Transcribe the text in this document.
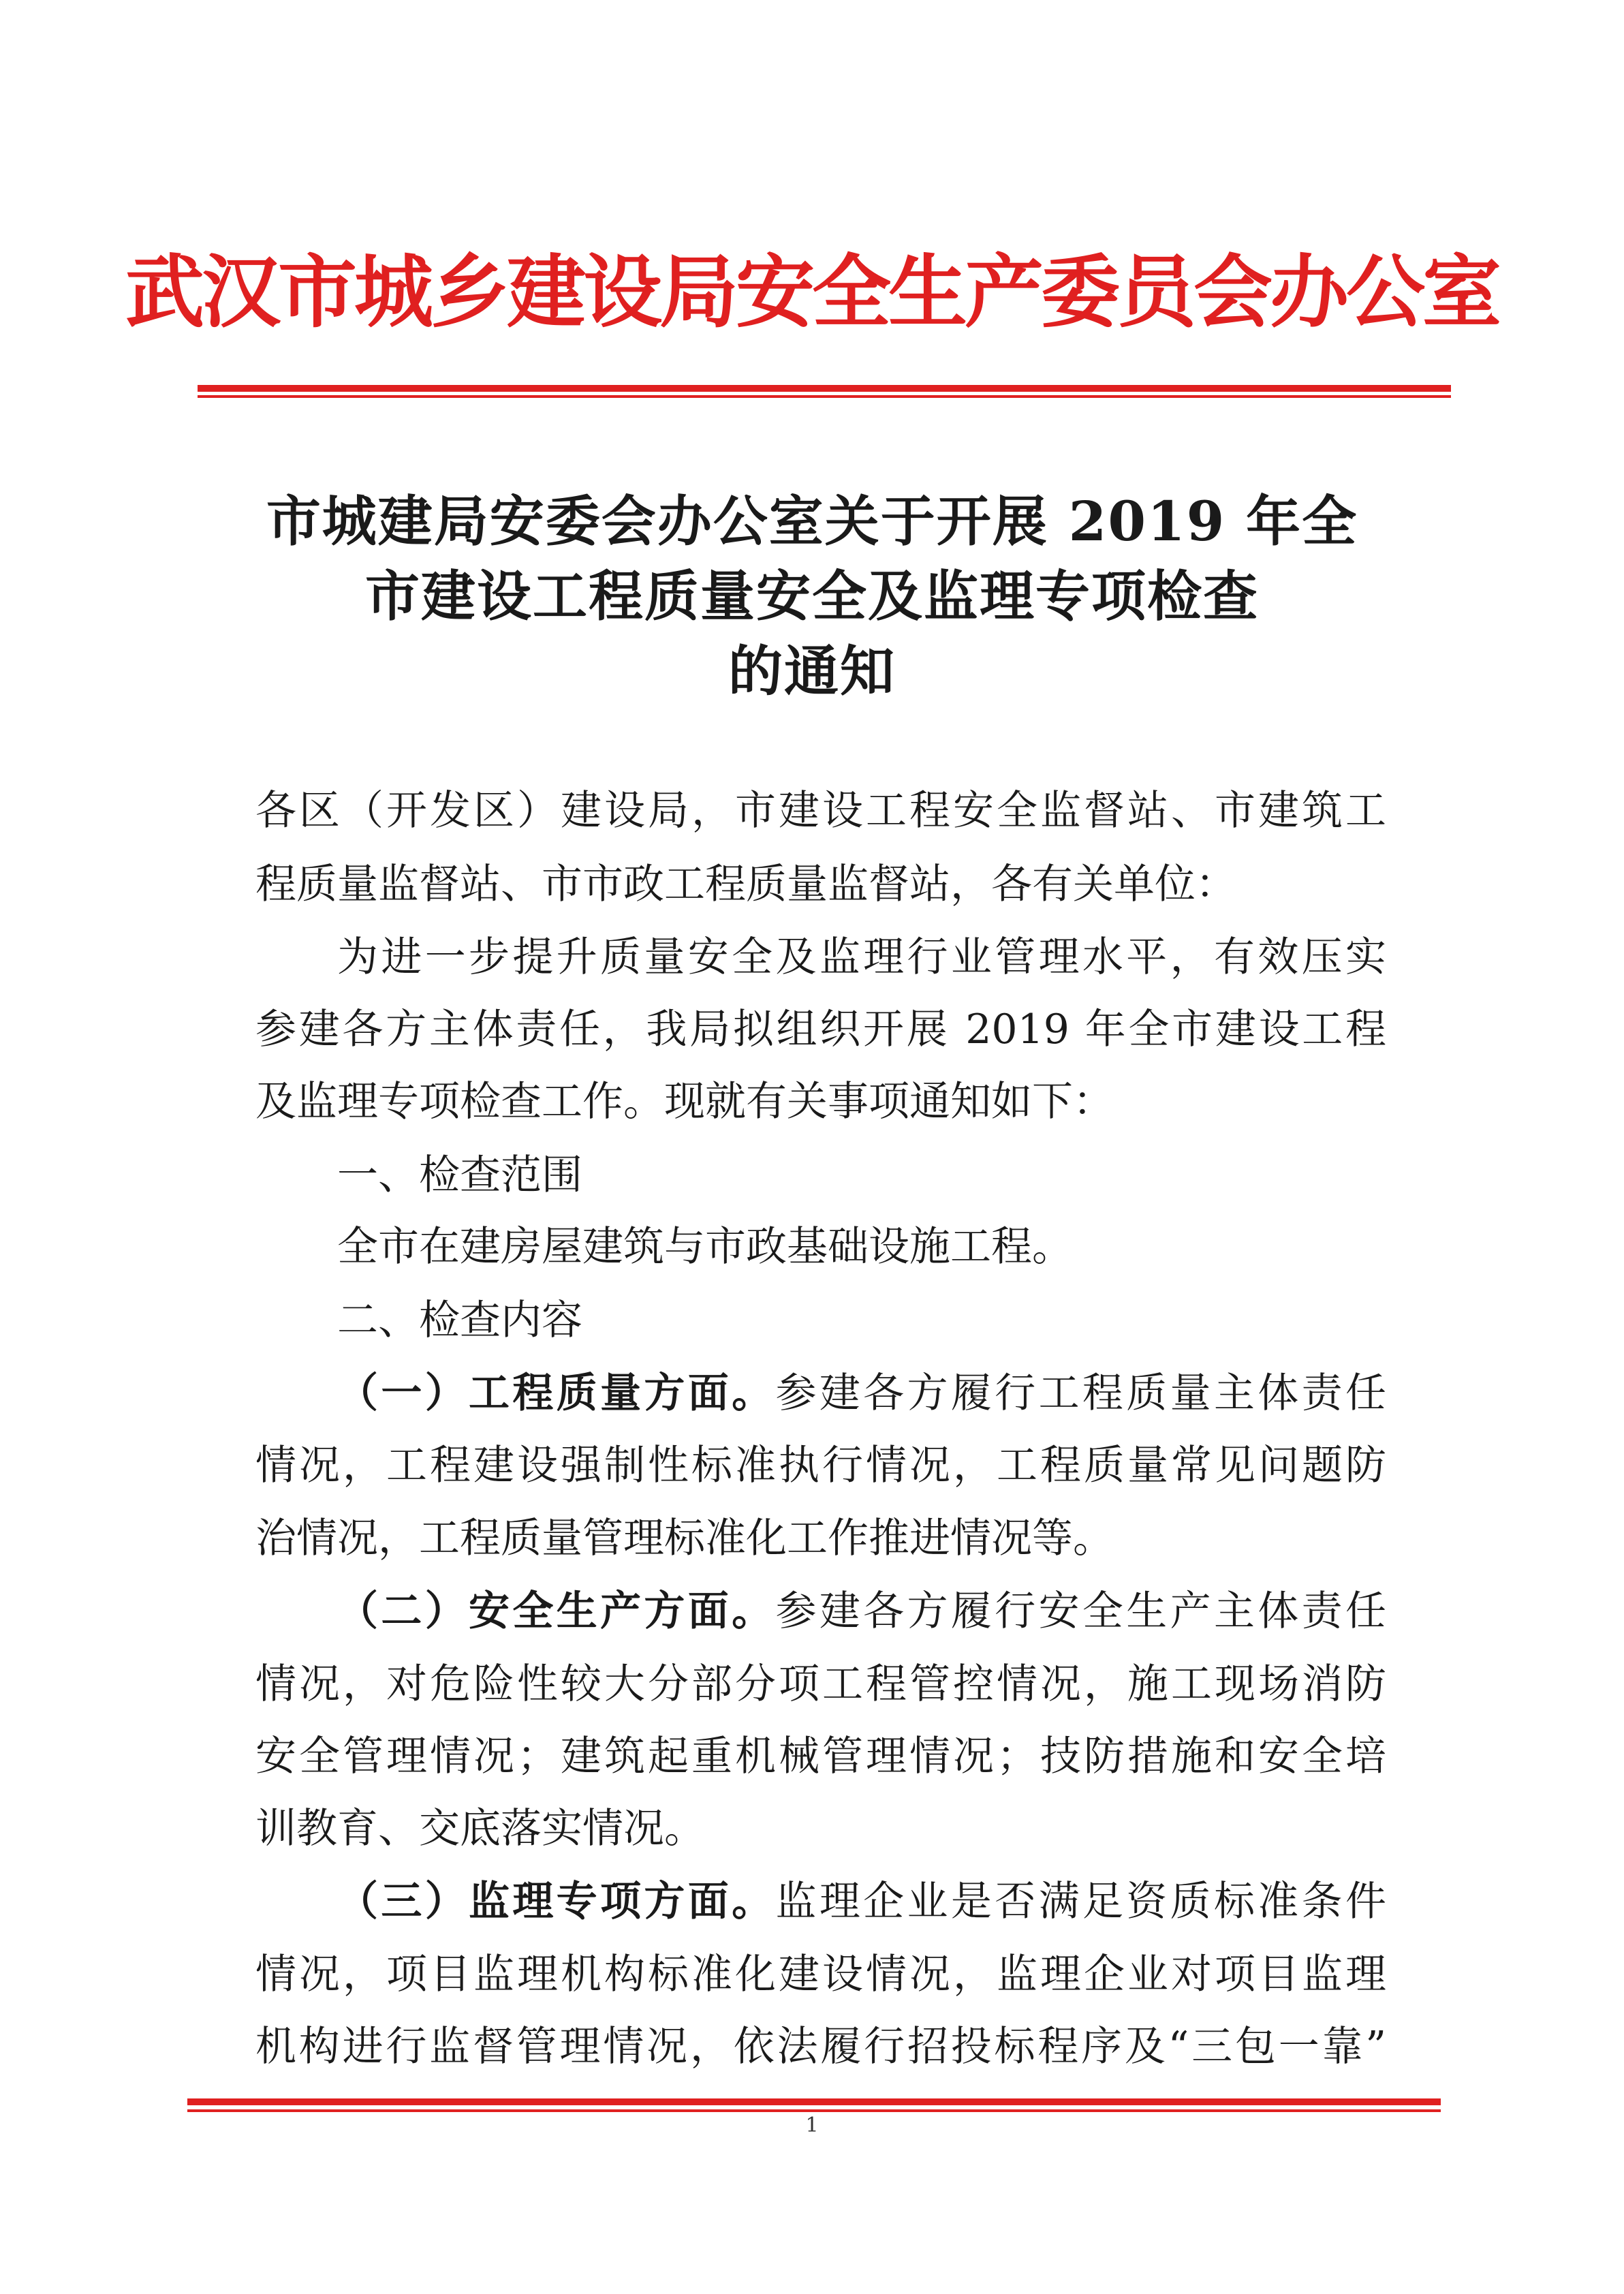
武汉市城乡建设局安全生产委员会办公室
市城建局安委会办公室关于开展 2019 年全
市建设工程质量安全及监理专项检查
的通知
各区（开发区）建设局，市建设工程安全监督站、市建筑工
程质量监督站、市市政工程质量监督站，各有关单位：
为进一步提升质量安全及监理行业管理水平，有效压实
参建各方主体责任，我局拟组织开展 2019 年全市建设工程
及监理专项检查工作。现就有关事项通知如下：
一、检查范围
全市在建房屋建筑与市政基础设施工程。
二、检查内容
（一）工程质量方面。参建各方履行工程质量主体责任
情况，工程建设强制性标准执行情况，工程质量常见问题防
治情况，工程质量管理标准化工作推进情况等。
（二）安全生产方面。参建各方履行安全生产主体责任
情况，对危险性较大分部分项工程管控情况，施工现场消防
安全管理情况；建筑起重机械管理情况；技防措施和安全培
训教育、交底落实情况。
（三）监理专项方面。监理企业是否满足资质标准条件
情况，项目监理机构标准化建设情况，监理企业对项目监理
机构进行监督管理情况，依法履行招投标程序及“三包一靠”
1
